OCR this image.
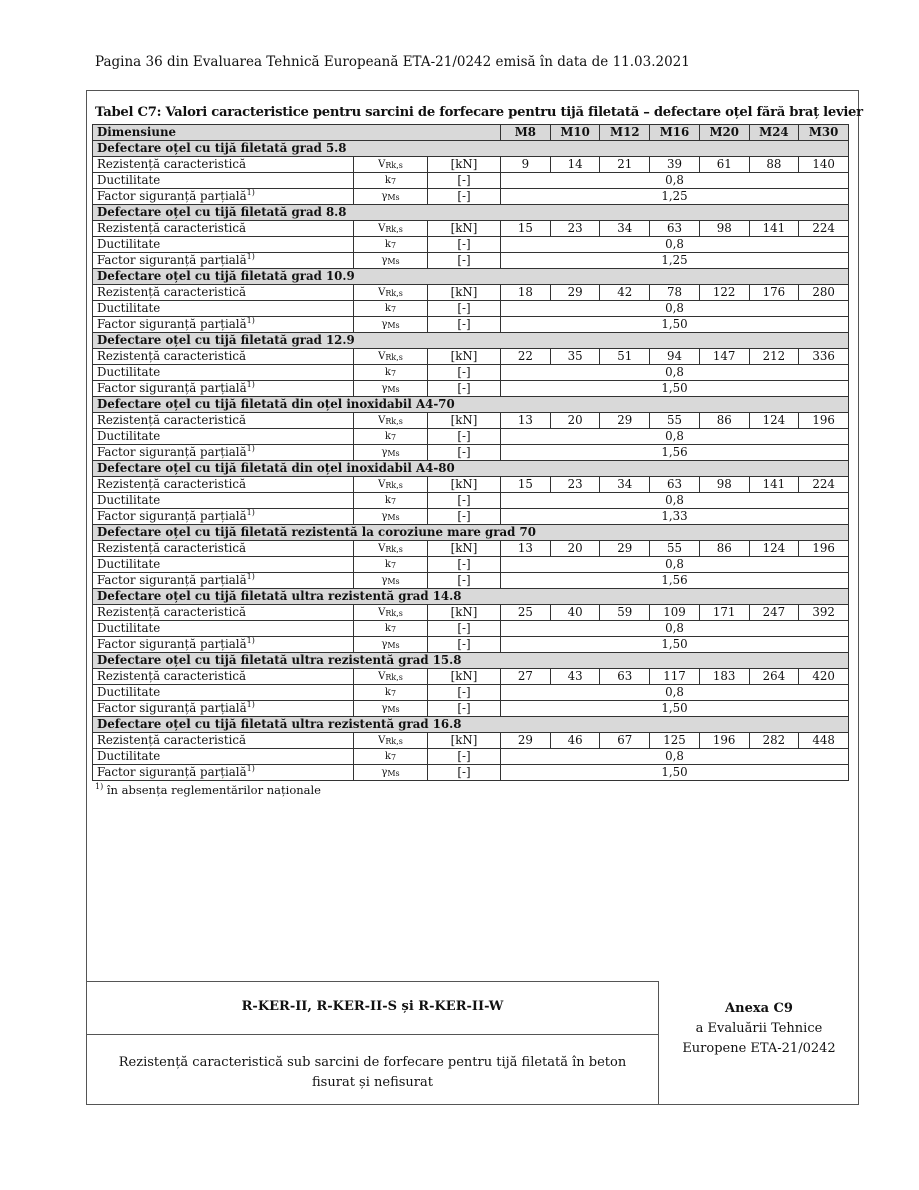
Pagina 36 din Evaluarea Tehnică Europeană ETA-21/0242 emisă în data de 11.03.2021
Tabel C7: Valori caracteristice pentru sarcini de forfecare pentru tijă filetată – defectare oțel fără braț levier
Dimensiune			M8	M10	M12	M16	M20	M24	M30
Defectare oțel cu tijă filetată grad 5.8									
Rezistență caracteristică	$V_{Rk,s}$	[kN]	9	14	21	39	61	88	140
Ductilitate	$k_7$	[-]	0,8						
Factor siguranță parțială$^{1)}$	$\gamma_{Ms}$	[-]	1,25						
Defectare oțel cu tijă filetată grad 8.8									
Rezistență caracteristică	$V_{Rk,s}$	[kN]	15	23	34	63	98	141	224
Ductilitate	$k_7$	[-]	0,8						
Factor siguranță parțială$^{1)}$	$\gamma_{Ms}$	[-]	1,25						
Defectare oțel cu tijă filetată grad 10.9									
Rezistență caracteristică	$V_{Rk,s}$	[kN]	18	29	42	78	122	176	280
Ductilitate	$k_7$	[-]	0,8						
Factor siguranță parțială$^{1)}$	$\gamma_{Ms}$	[-]	1,50						
Defectare oțel cu tijă filetată grad 12.9									
Rezistență caracteristică	$V_{Rk,s}$	[kN]	22	35	51	94	147	212	336
Ductilitate	$k_7$	[-]	0,8						
Factor siguranță parțială$^{1)}$	$\gamma_{Ms}$	[-]	1,50						
Defectare oțel cu tijă filetată din oțel inoxidabil A4-70									
Rezistență caracteristică	$V_{Rk,s}$	[kN]	13	20	29	55	86	124	196
Ductilitate	$k_7$	[-]	0,8						
Factor siguranță parțială$^{1)}$	$\gamma_{Ms}$	[-]	1,56						
Defectare oțel cu tijă filetată din oțel inoxidabil A4-80									
Rezistență caracteristică	$V_{Rk,s}$	[kN]	15	23	34	63	98	141	224
Ductilitate	$k_7$	[-]	0,8						
Factor siguranță parțială$^{1)}$	$\gamma_{Ms}$	[-]	1,33						
Defectare oțel cu tijă filetată rezistentă la coroziune mare grad 70									
Rezistență caracteristică	$V_{Rk,s}$	[kN]	13	20	29	55	86	124	196
Ductilitate	$k_7$	[-]	0,8						
Factor siguranță parțială$^{1)}$	$\gamma_{Ms}$	[-]	1,56						
Defectare oțel cu tijă filetată ultra rezistentă grad 14.8									
Rezistență caracteristică	$V_{Rk,s}$	[kN]	25	40	59	109	171	247	392
Ductilitate	$k_7$	[-]	0,8						
Factor siguranță parțială$^{1)}$	$\gamma_{Ms}$	[-]	1,50						
Defectare oțel cu tijă filetată ultra rezistentă grad 15.8									
Rezistență caracteristică	$V_{Rk,s}$	[kN]	27	43	63	117	183	264	420
Ductilitate	$k_7$	[-]	0,8						
Factor siguranță parțială$^{1)}$	$\gamma_{Ms}$	[-]	1,50						
Defectare oțel cu tijă filetată ultra rezistentă grad 16.8									
Rezistență caracteristică	$V_{Rk,s}$	[kN]	29	46	67	125	196	282	448
Ductilitate	$k_7$	[-]	0,8						
Factor siguranță parțială$^{1)}$	$\gamma_{Ms}$	[-]	1,50						
$^{1)}$ în absența reglementărilor naționale
R-KER-II, R-KER-II-S și R-KER-II-W
Rezistență caracteristică sub sarcini de forfecare pentru tijă filetată în beton fisurat și nefisurat
Anexa C9
a Evaluării Tehnice
Europene ETA-21/0242
